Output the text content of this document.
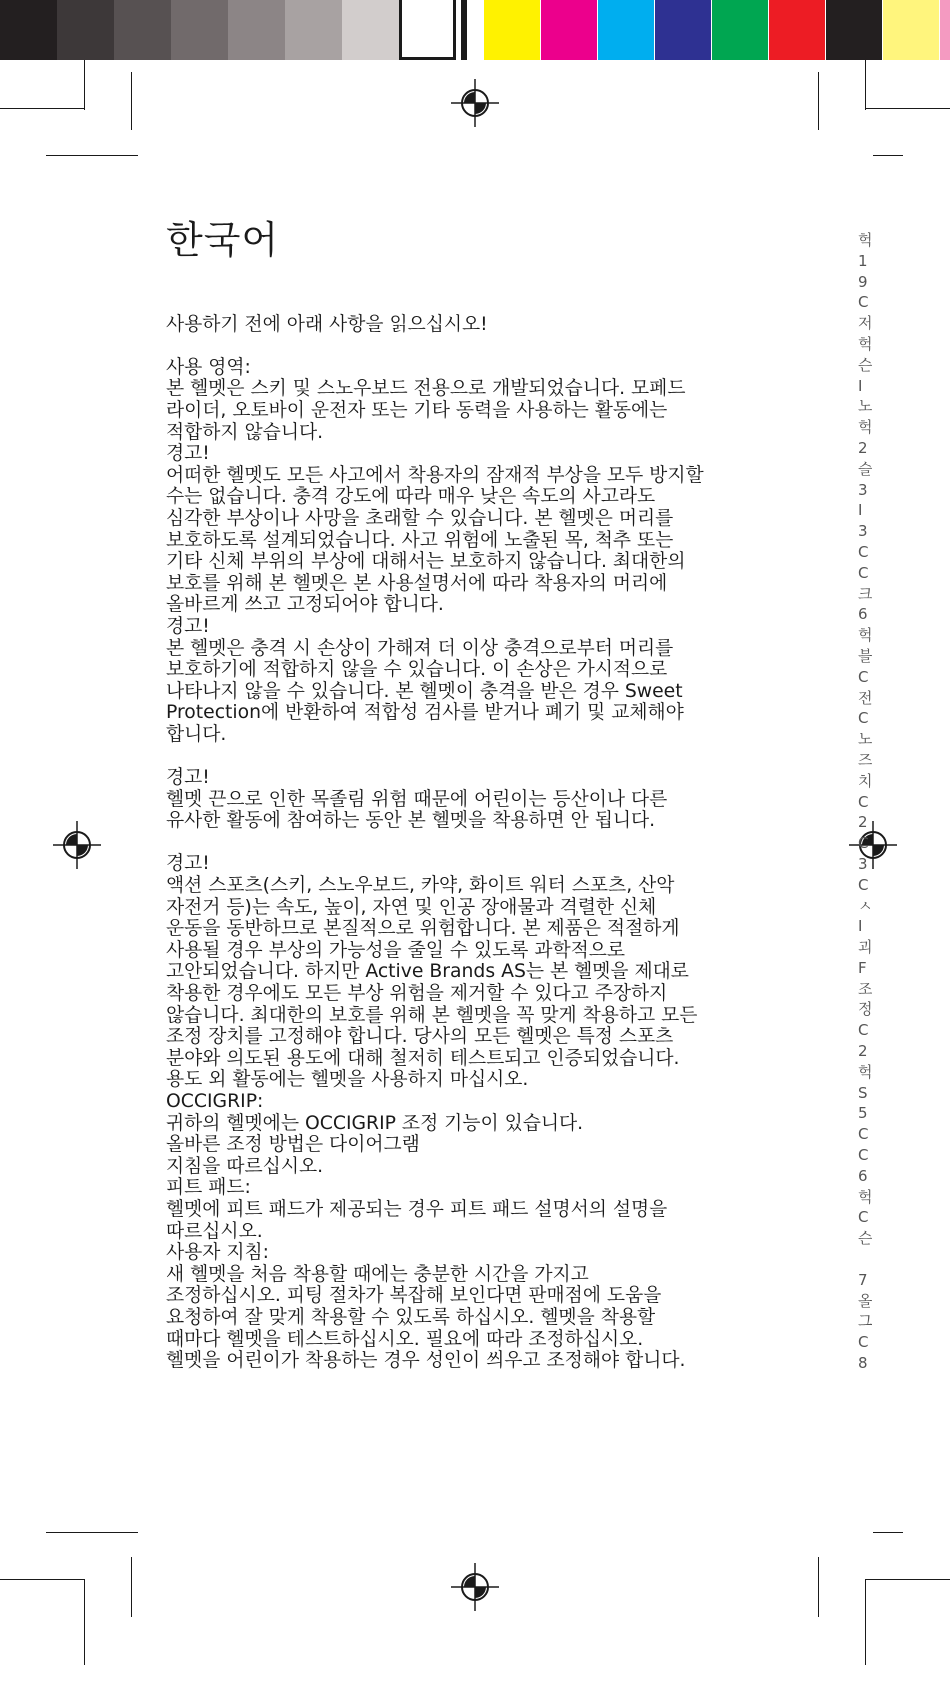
한국어

사용하기 전에 아래 사항을 읽으십시오!

사용 영역:

본 헬멧은 스키 및 스노우보드 전용으로 개발되었습니다. 모페드
라이더, 오토바이 운전자 또는 기타 동력을 사용하는 활동에는
적합하지 않습니다.

경고!

어떠한 헬멧도 모든 사고에서 착용자의 잠재적 부상을 모두 방지할
수는 없습니다. 충격 강도에 따라 매우 낮은 속도의 사고라도
심각한 부상이나 사망을 초래할 수 있습니다. 본 헬멧은 머리를
보호하도록 설계되었습니다. 사고 위험에 노출된 목, 척추 또는
기타 신체 부위의 부상에 대해서는 보호하지 않습니다. 최대한의
보호를 위해 본 헬멧은 본 사용설명서에 따라 착용자의 머리에
올바르게 쓰고 고정되어야 합니다.

경고!

본 헬멧은 충격 시 손상이 가해져 더 이상 충격으로부터 머리를
보호하기에 적합하지 않을 수 있습니다. 이 손상은 가시적으로
나타나지 않을 수 있습니다. 본 헬멧이 충격을 받은 경우 Sweet
Protection에 반환하여 적합성 검사를 받거나 폐기 및 교체해야
합니다.

경고!

헬멧 끈으로 인한 목졸림 위험 때문에 어린이는 등산이나 다른
유사한 활동에 참여하는 동안 본 헬멧을 착용하면 안 됩니다.

경고!

액션 스포츠(스키, 스노우보드, 카약, 화이트 워터 스포츠, 산악
자전거 등)는 속도, 높이, 자연 및 인공 장애물과 격렬한 신체
운동을 동반하므로 본질적으로 위험합니다. 본 제품은 적절하게
사용될 경우 부상의 가능성을 줄일 수 있도록 과학적으로
고안되었습니다. 하지만 Active Brands AS는 본 헬멧을 제대로
착용한 경우에도 모든 부상 위험을 제거할 수 있다고 주장하지
않습니다. 최대한의 보호를 위해 본 헬멧을 꼭 맞게 착용하고 모든
조정 장치를 고정해야 합니다. 당사의 모든 헬멧은 특정 스포츠
분야와 의도된 용도에 대해 철저히 테스트되고 인증되었습니다.
용도 외 활동에는 헬멧을 사용하지 마십시오.

OCCIGRIP:

귀하의 헬멧에는 OCCIGRIP 조정 기능이 있습니다.
올바른 조정 방법은 다이어그램
지침을 따르십시오.

피트 패드:

헬멧에 피트 패드가 제공되는 경우 피트 패드 설명서의 설명을
따르십시오.

사용자 지침:

새 헬멧을 처음 착용할 때에는 충분한 시간을 가지고
조정하십시오. 피팅 절차가 복잡해 보인다면 판매점에 도움을
요청하여 잘 맞게 착용할 수 있도록 하십시오. 헬멧을 착용할
때마다 헬멧을 테스트하십시오. 필요에 따라 조정하십시오.
헬멧을 어린이가 착용하는 경우 성인이 씌우고 조정해야 합니다.

헉
1
9
C
저
헉
슨
I
노
헉
2
슬
3
I
3
C
C
크
6
헉
블
C
전
C
노
즈
치
C
2
C
3
C
ㅅ
I
괴
F
조
정
C
2
헉
S
5
C
C
6
헉
C
슨

7
올
그
C
8
